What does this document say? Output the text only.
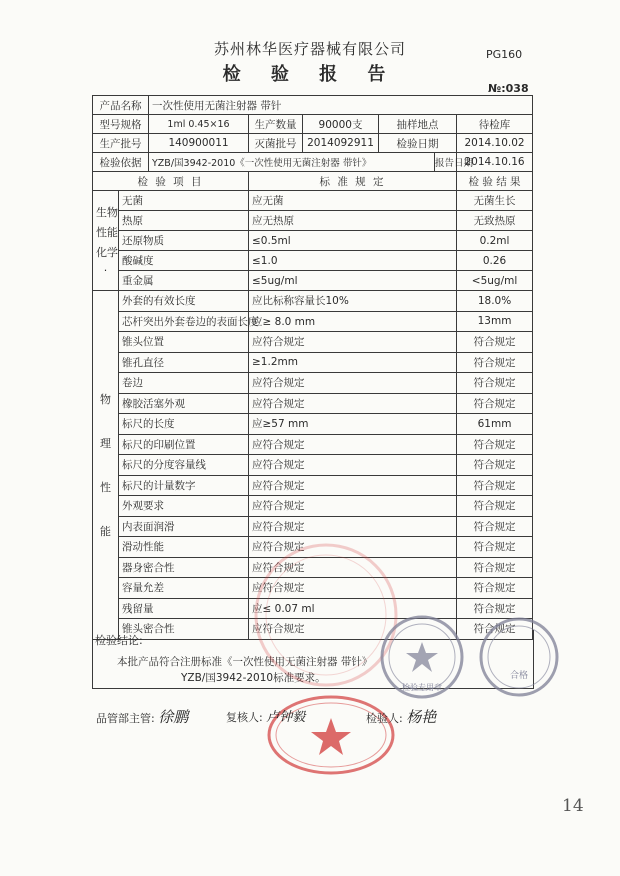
苏州林华医疗器械有限公司
检 验 报 告
PG160
№:038
产品名称		一次性使用无菌注射器 带针					
型号规格		1ml 0.45×16	生产数量	90000支	抽样地点		待检库
生产批号		140900011	灭菌批号	2014092911	检验日期		2014.10.02
检验依据		YZB/国3942-2010《一次性使用无菌注射器 带针》				报告日期	2014.10.16
检 验 项 目			标 准 规 定				检 验 结 果

生物
性能
化学
·	无菌		应无菌				无菌生长
	热原		应无热原				无致热原
	还原物质		≤0.5ml				0.2ml
	酸碱度		≤1.0				0.26
	重金属		≤5ug/ml				<5ug/ml

物
理
性
能	外套的有效长度		应比标称容量长10%				18.0%
	芯杆突出外套卷边的表面长度		应≥ 8.0 mm				13mm
	锥头位置		应符合规定				符合规定
	锥孔直径		≥1.2mm				符合规定
	卷边		应符合规定				符合规定
	橡胶活塞外观		应符合规定				符合规定
	标尺的长度		应≥57 mm				61mm
	标尺的印刷位置		应符合规定				符合规定
	标尺的分度容量线		应符合规定				符合规定
	标尺的计量数字		应符合规定				符合规定
	外观要求		应符合规定				符合规定
	内表面润滑		应符合规定				符合规定
	滑动性能		应符合规定				符合规定
	器身密合性		应符合规定				符合规定
	容量允差		应符合规定				符合规定
	残留量		应≤ 0.07 ml				符合规定
	锥头密合性		应符合规定				符合规定
检验结论:
本批产品符合注册标准《一次性使用无菌注射器 带针》
YZB/国3942-2010标准要求。
检验专用章
合格
品管部主管: 徐鹏	复核人: 卢钟毅	检验人: 杨艳
14
